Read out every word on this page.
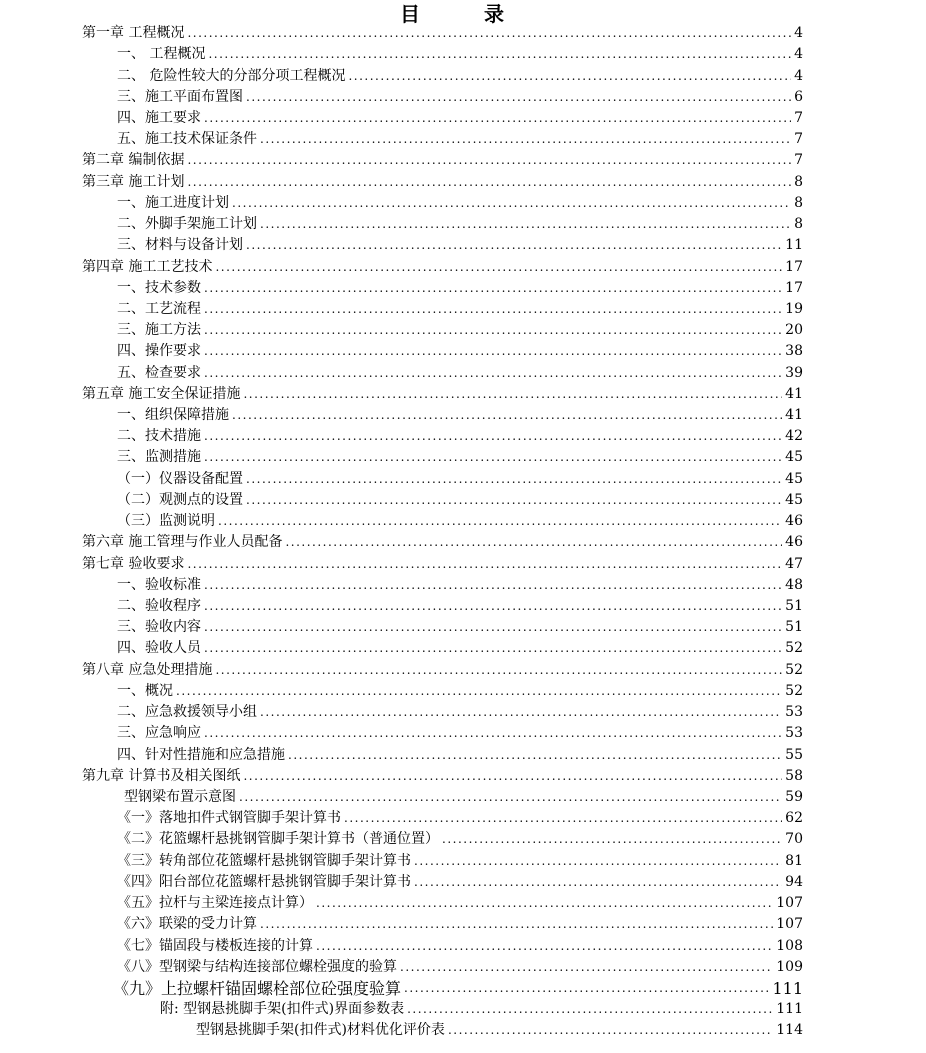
目　录
第一章 工程概况 .....	4
一、 工程概况 .....	4
二、 危险性较大的分部分项工程概况 .....	4
三、施工平面布置图 .....	6
四、施工要求 .....	7
五、施工技术保证条件 .....	7
第二章 编制依据 .....	7
第三章 施工计划 .....	8
一、施工进度计划 .....	8
二、外脚手架施工计划 .....	8
三、材料与设备计划 .....	11
第四章 施工工艺技术 .....	17
一、技术参数 .....	17
二、工艺流程 .....	19
三、施工方法 .....	20
四、操作要求 .....	38
五、检查要求 .....	39
第五章 施工安全保证措施 .....	41
一、组织保障措施 .....	41
二、技术措施 .....	42
三、监测措施 .....	45
（一）仪器设备配置 .....	45
（二）观测点的设置 .....	45
（三）监测说明 .....	46
第六章 施工管理与作业人员配备 .....	46
第七章 验收要求 .....	47
一、验收标准 .....	48
二、验收程序 .....	51
三、验收内容 .....	51
四、验收人员 .....	52
第八章 应急处理措施 .....	52
一、概况 .....	52
二、应急救援领导小组 .....	53
三、应急响应 .....	53
四、针对性措施和应急措施 .....	55
第九章 计算书及相关图纸 .....	58
型钢梁布置示意图 .....	59
《一》落地扣件式钢管脚手架计算书 .....	62
《二》花篮螺杆悬挑钢管脚手架计算书（普通位置） .....	70
《三》转角部位花篮螺杆悬挑钢管脚手架计算书 .....	81
《四》阳台部位花篮螺杆悬挑钢管脚手架计算书 .....	94
《五》拉杆与主梁连接点计算） .....	107
《六》联梁的受力计算 .....	107
《七》锚固段与楼板连接的计算 .....	108
《八》型钢梁与结构连接部位螺栓强度的验算 .....	109
《九》上拉螺杆锚固螺栓部位砼强度验算 .....	111
附: 型钢悬挑脚手架(扣件式)界面参数表 .....	111
型钢悬挑脚手架(扣件式)材料优化评价表 .....	114
